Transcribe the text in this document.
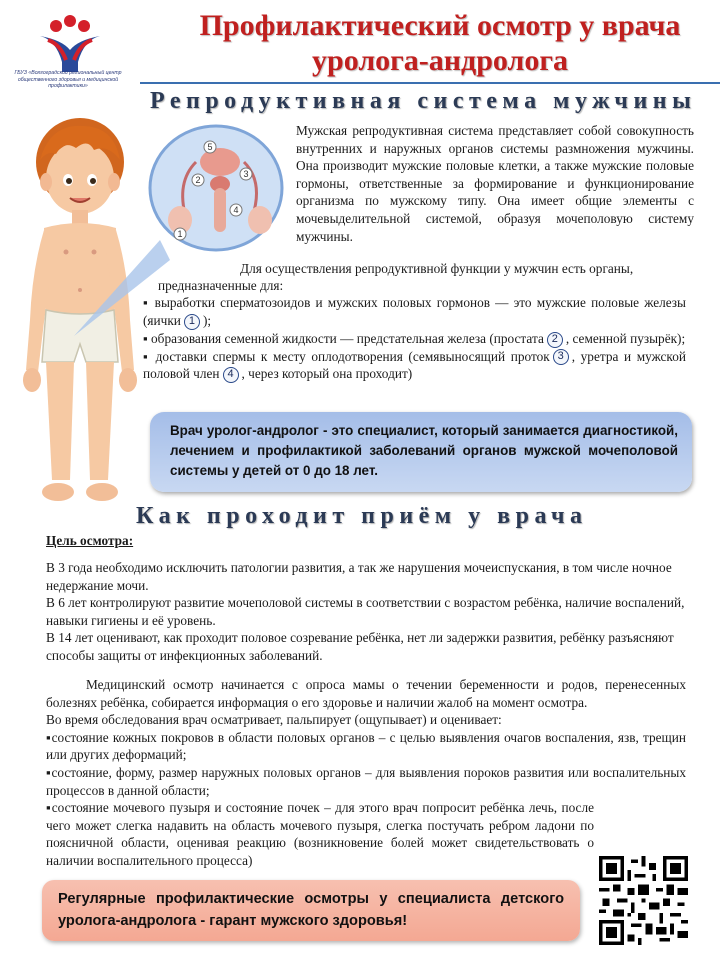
ГБУЗ «Волгоградский региональный центр общественного здоровья и медицинской профилактики»
Профилактический осмотр у врача
уролога-андролога
Репродуктивная система мужчины
1
2
3
4
5
Мужская репродуктивная система представляет собой совокупность внутренних и наружных органов системы размножения мужчины. Она производит мужские половые клетки, а также мужские половые гормоны, ответственные за формирование и функционирование организма по мужскому типу. Она имеет общие элементы с мочевыделительной системой, образуя мочеполовую систему мужчины.
Для осуществления репродуктивной функции у мужчин есть органы,
предназначенные для:
▪ выработки сперматозоидов и мужских половых гормонов — это мужские половые железы (яички 1 );
▪ образования семенной жидкости — предстательная железа (простата 2 , семенной пузырёк);
▪ доставки спермы к месту оплодотворения (семявыносящий проток 3 , уретра и мужской половой член 4 , через который она проходит)
Врач уролог-андролог - это специалист, который занимается диагностикой, лечением и профилактикой заболеваний органов мужской мочеполовой системы у детей от 0 до 18 лет.
Как проходит приём у врача
Цель осмотра:
В 3 года необходимо исключить патологии развития, а так же нарушения мочеиспускания, в том числе ночное недержание мочи.
В 6 лет контролируют развитие мочеполовой системы в соответствии с возрастом ребёнка, наличие воспалений, навыки гигиены и её уровень.
В 14 лет оценивают, как проходит половое созревание ребёнка, нет ли задержки развития, ребёнку разъясняют способы защиты от инфекционных заболеваний.
Медицинский осмотр начинается с опроса мамы о течении беременности и родов, перенесенных болезнях ребёнка, собирается информация о его здоровье и наличии жалоб на момент осмотра.
Во время обследования врач осматривает, пальпирует (ощупывает) и оценивает:
▪состояние кожных покровов в области половых органов – с целью выявления очагов воспаления, язв, трещин или других деформаций;
▪состояние, форму, размер наружных половых органов – для выявления пороков развития или воспалительных процессов в данной области;
▪состояние мочевого пузыря и состояние почек – для этого врач попросит ребёнка лечь, после чего может слегка надавить на область мочевого пузыря, слегка постучать ребром ладони по поясничной области, оценивая реакцию (возникновение болей может свидетельствовать о наличии воспалительного процесса)
Регулярные профилактические осмотры у специалиста детского уролога-андролога - гарант мужского здоровья!
